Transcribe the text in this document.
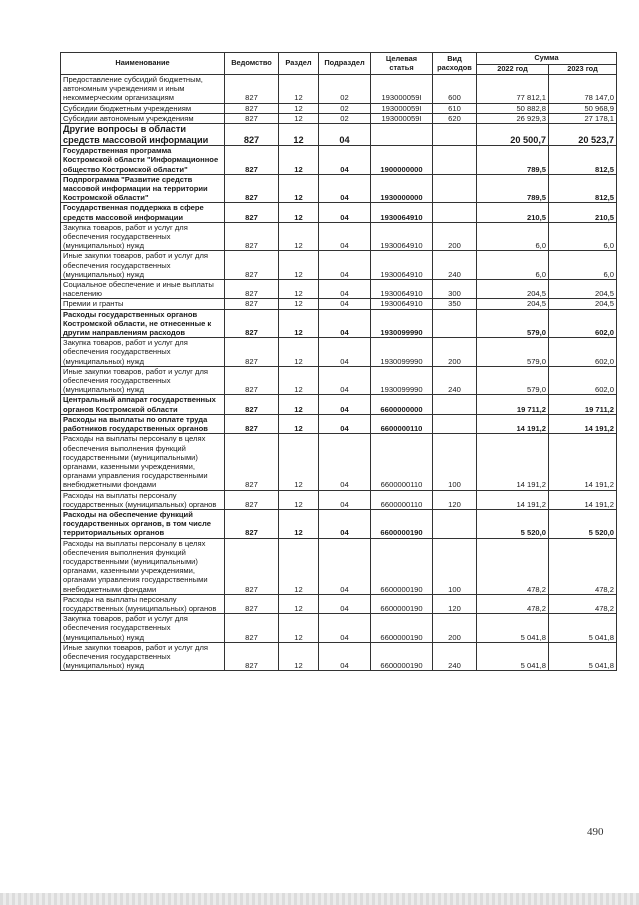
Наименование	Ведомство	Раздел	Подраздел	Целевая статья	Вид расходов	Сумма	
						2022 год	2023 год
Предоставление субсидий бюджетным, автономным учреждениям и иным некоммерческим организациям	827	12	02	193000059I	600	77 812,1	78 147,0
Субсидии бюджетным учреждениям	827	12	02	193000059I	610	50 882,8	50 968,9
Субсидии автономным учреждениям	827	12	02	193000059I	620	26 929,3	27 178,1
Другие вопросы в области средств массовой информации	827	12	04			20 500,7	20 523,7
Государственная программа Костромской области "Информационное общество Костромской области"	827	12	04	1900000000		789,5	812,5
Подпрограмма "Развитие средств массовой информации на территории Костромской области"	827	12	04	1930000000		789,5	812,5
Государственная поддержка в сфере средств массовой информации	827	12	04	1930064910		210,5	210,5
Закупка товаров, работ и услуг для обеспечения государственных (муниципальных) нужд	827	12	04	1930064910	200	6,0	6,0
Иные закупки товаров, работ и услуг для обеспечения государственных (муниципальных) нужд	827	12	04	1930064910	240	6,0	6,0
Социальное обеспечение и иные выплаты населению	827	12	04	1930064910	300	204,5	204,5
Премии и гранты	827	12	04	1930064910	350	204,5	204,5
Расходы государственных органов Костромской области, не отнесенные к другим направлениям расходов	827	12	04	1930099990		579,0	602,0
Закупка товаров, работ и услуг для обеспечения государственных (муниципальных) нужд	827	12	04	1930099990	200	579,0	602,0
Иные закупки товаров, работ и услуг для обеспечения государственных (муниципальных) нужд	827	12	04	1930099990	240	579,0	602,0
Центральный аппарат государственных органов Костромской области	827	12	04	6600000000		19 711,2	19 711,2
Расходы на выплаты по оплате труда работников государственных органов	827	12	04	6600000110		14 191,2	14 191,2
Расходы на выплаты персоналу в целях обеспечения выполнения функций государственными (муниципальными) органами, казенными учреждениями, органами управления государственными внебюджетными фондами	827	12	04	6600000110	100	14 191,2	14 191,2
Расходы на выплаты персоналу государственных (муниципальных) органов	827	12	04	6600000110	120	14 191,2	14 191,2
Расходы на обеспечение функций государственных органов, в том числе территориальных органов	827	12	04	6600000190		5 520,0	5 520,0
Расходы на выплаты персоналу в целях обеспечения выполнения функций государственными (муниципальными) органами, казенными учреждениями, органами управления государственными внебюджетными фондами	827	12	04	6600000190	100	478,2	478,2
Расходы на выплаты персоналу государственных (муниципальных) органов	827	12	04	6600000190	120	478,2	478,2
Закупка товаров, работ и услуг для обеспечения государственных (муниципальных) нужд	827	12	04	6600000190	200	5 041,8	5 041,8
Иные закупки товаров, работ и услуг для обеспечения государственных (муниципальных) нужд	827	12	04	6600000190	240	5 041,8	5 041,8
490
